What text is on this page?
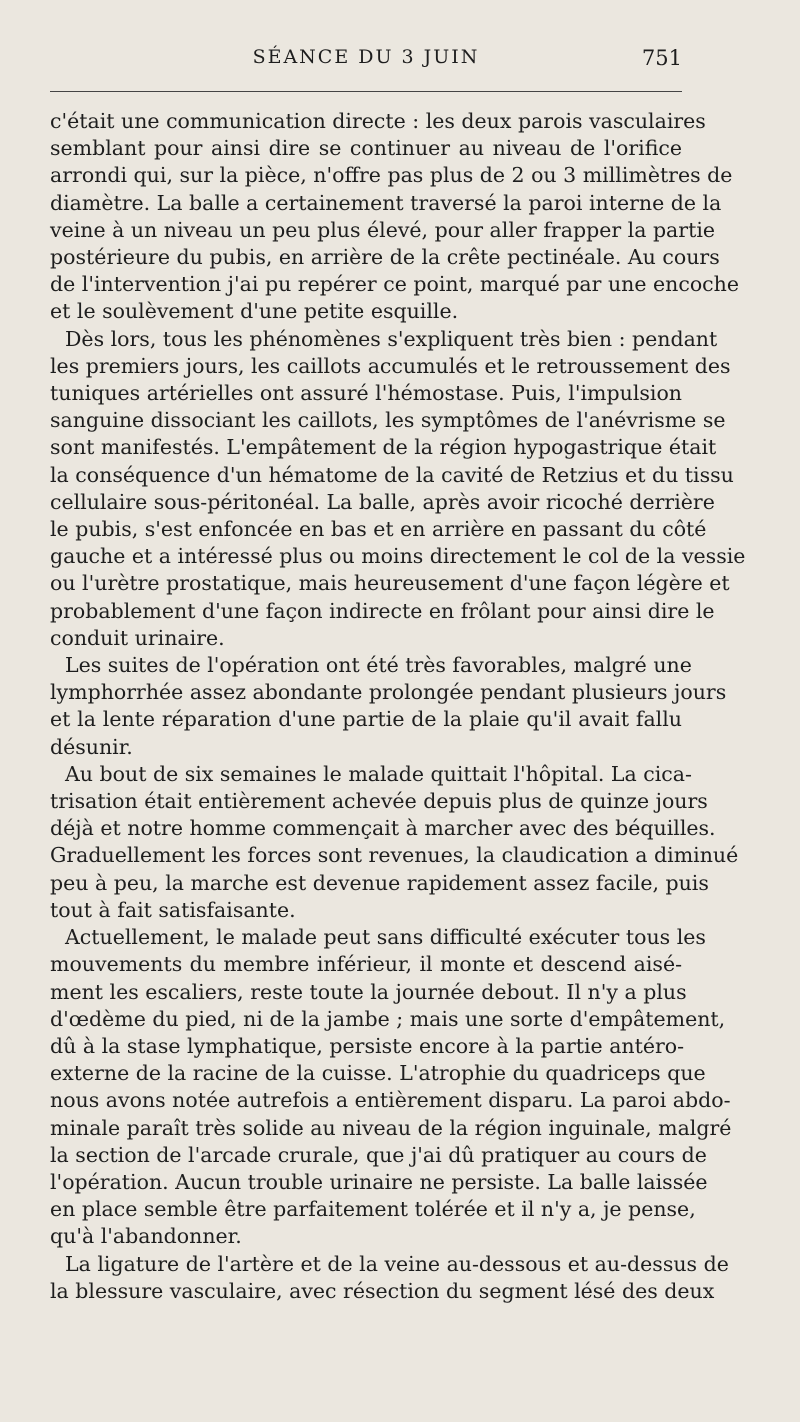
SÉANCE DU 3 JUIN	751
c'était une communication directe : les deux parois vasculaires
semblant pour ainsi dire se continuer au niveau de l'orifice
arrondi qui, sur la pièce, n'offre pas plus de 2 ou 3 millimètres de
diamètre. La balle a certainement traversé la paroi interne de la
veine à un niveau un peu plus élevé, pour aller frapper la partie
postérieure du pubis, en arrière de la crête pectinéale. Au cours
de l'intervention j'ai pu repérer ce point, marqué par une encoche
et le soulèvement d'une petite esquille.
Dès lors, tous les phénomènes s'expliquent très bien : pendant
les premiers jours, les caillots accumulés et le retroussement des
tuniques artérielles ont assuré l'hémostase. Puis, l'impulsion
sanguine dissociant les caillots, les symptômes de l'anévrisme se
sont manifestés. L'empâtement de la région hypogastrique était
la conséquence d'un hématome de la cavité de Retzius et du tissu
cellulaire sous-péritonéal. La balle, après avoir ricoché derrière
le pubis, s'est enfoncée en bas et en arrière en passant du côté
gauche et a intéressé plus ou moins directement le col de la vessie
ou l'urètre prostatique, mais heureusement d'une façon légère et
probablement d'une façon indirecte en frôlant pour ainsi dire le
conduit urinaire.
Les suites de l'opération ont été très favorables, malgré une
lymphorrhée assez abondante prolongée pendant plusieurs jours
et la lente réparation d'une partie de la plaie qu'il avait fallu
désunir.
Au bout de six semaines le malade quittait l'hôpital. La cica-
trisation était entièrement achevée depuis plus de quinze jours
déjà et notre homme commençait à marcher avec des béquilles.
Graduellement les forces sont revenues, la claudication a diminué
peu à peu, la marche est devenue rapidement assez facile, puis
tout à fait satisfaisante.
Actuellement, le malade peut sans difficulté exécuter tous les
mouvements du membre inférieur, il monte et descend aisé-
ment les escaliers, reste toute la journée debout. Il n'y a plus
d'œdème du pied, ni de la jambe ; mais une sorte d'empâtement,
dû à la stase lymphatique, persiste encore à la partie antéro-
externe de la racine de la cuisse. L'atrophie du quadriceps que
nous avons notée autrefois a entièrement disparu. La paroi abdo-
minale paraît très solide au niveau de la région inguinale, malgré
la section de l'arcade crurale, que j'ai dû pratiquer au cours de
l'opération. Aucun trouble urinaire ne persiste. La balle laissée
en place semble être parfaitement tolérée et il n'y a, je pense,
qu'à l'abandonner.
La ligature de l'artère et de la veine au-dessous et au-dessus de
la blessure vasculaire, avec résection du segment lésé des deux
